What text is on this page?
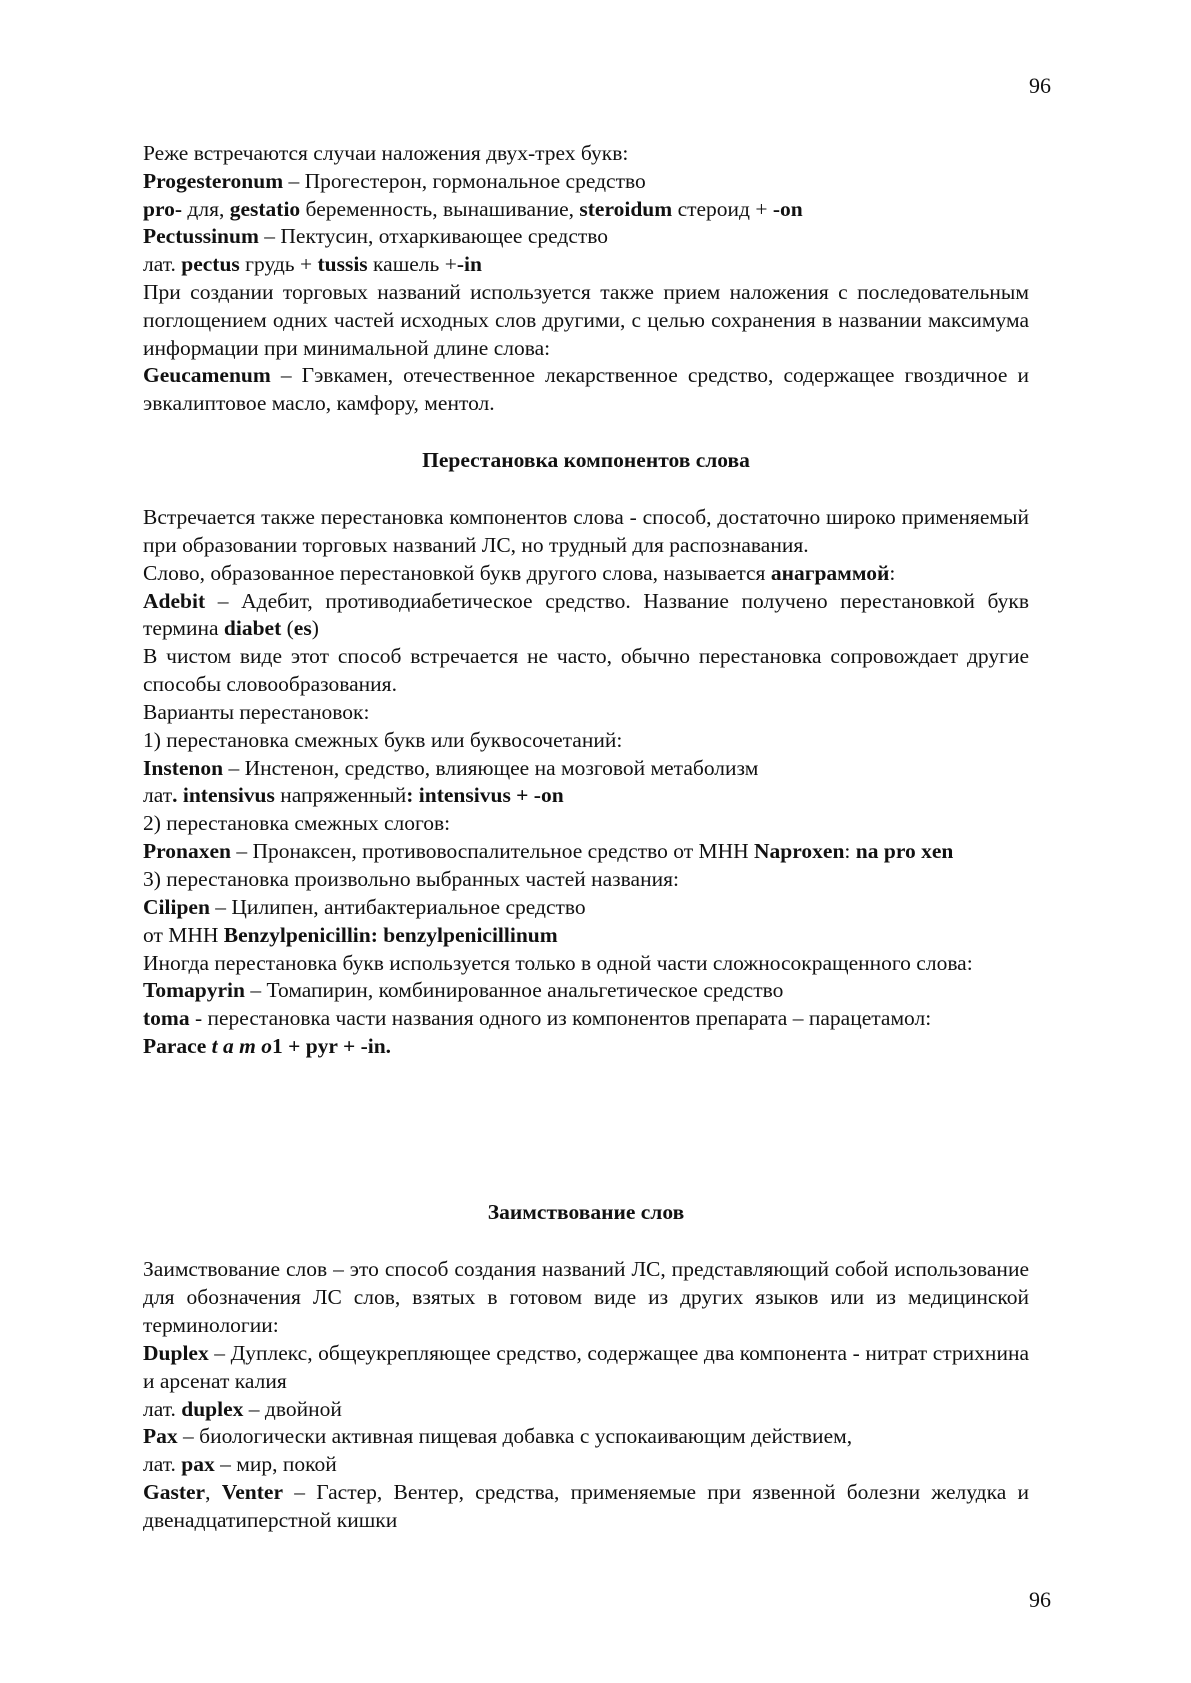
96

Реже встречаются случаи наложения двух-трех букв:

Progesteronum – Прогестерон, гормональное средство

pro- для, gestatio беременность, вынашивание, steroidum стероид + -on

Pectussinum – Пектусин, отхаркивающее средство

лат. pectus грудь + tussis кашель +-in

При создании торговых названий используется также прием наложения с последовательным поглощением одних частей исходных слов другими, с целью сохранения в названии максимума информации при минимальной длине слова:

Geucamenum – Гэвкамен, отечественное лекарственное средство, содержащее гвоздичное и эвкалиптовое масло, камфору, ментол.

Перестановка компонентов слова

Встречается также перестановка компонентов слова - способ, достаточно широко применяемый при образовании торговых названий ЛС, но трудный для распознавания.

Слово, образованное перестановкой букв другого слова, называется анаграммой:

Adebit – Адебит, противодиабетическое средство. Название получено перестановкой букв термина diabet (es)

В чистом виде этот способ встречается не часто, обычно перестановка сопровождает другие способы словообразования.

Варианты перестановок:

1) перестановка смежных букв или буквосочетаний:

Instenon – Инстенон, средство, влияющее на мозговой метаболизм

лат. intensivus напряженный: intensivus + -on

2) перестановка смежных слогов:

Pronaxen – Пронаксен, противовоспалительное средство от МНН Naproxen: na pro xen

3) перестановка произвольно выбранных частей названия:

Cilipen – Цилипен, антибактериальное средство

от МНН Benzylpenicillin: benzylpenicillinum

Иногда перестановка букв используется только в одной части сложносокращенного слова:

Tomapyrin – Томапирин, комбинированное анальгетическое средство

toma - перестановка части названия одного из компонентов препарата – парацетамол:

Parace t a m o1 + pyr + -in.

Заимствование слов

Заимствование слов – это способ создания названий ЛС, представляющий собой использование для обозначения ЛС слов, взятых в готовом виде из других языков или из медицинской терминологии:

Duplex – Дуплекс, общеукрепляющее средство, содержащее два компонента - нитрат стрихнина и арсенат калия

лат. duplex – двойной

Pax – биологически активная пищевая добавка с успокаивающим действием,

лат. pax – мир, покой

Gaster, Venter – Гастер, Вентер, средства, применяемые при язвенной болезни желудка и двенадцатиперстной кишки

96
